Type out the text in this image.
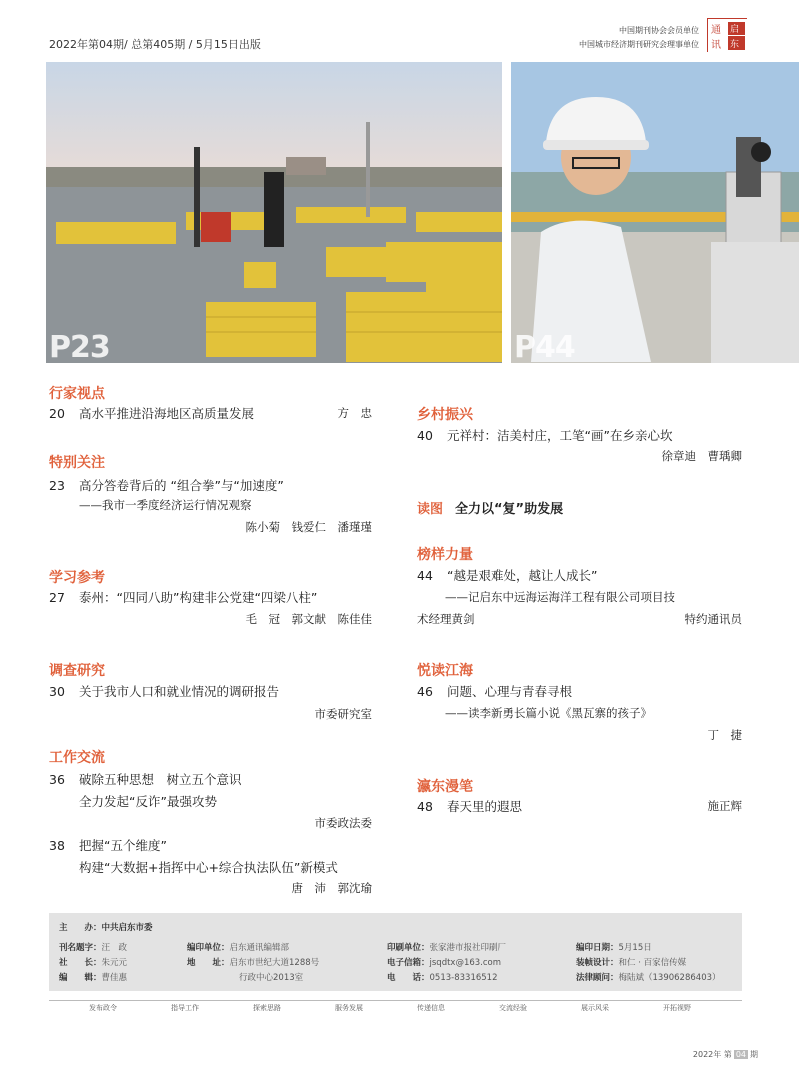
2022年第04期/ 总第405期 / 5月15日出版
中国期刊协会会员单位
中国城市经济期刊研究会理事单位
通 启
东
讯
P23	P44
行家视点
20 高水平推进沿海地区高质量发展	方　忠
特别关注
23 高分答卷背后的 “组合拳”与“加速度”
——我市一季度经济运行情况观察
陈小菊　钱爱仁　潘瑾瑾
学习参考
27 泰州：“四同八助”构建非公党建“四梁八柱”
毛　冠　郭文献　陈佳佳
调查研究
30 关于我市人口和就业情况的调研报告
市委研究室
工作交流
36 破除五种思想　树立五个意识
全力发起“反诈”最强攻势
市委政法委
38 把握“五个维度”
构建“大数据+指挥中心+综合执法队伍”新模式
唐　沛　郭沈瑜
乡村振兴
40 元祥村：洁美村庄，工笔“画”在乡亲心坎
徐章迪　曹瑀卿
读图 全力以“复”助发展
榜样力量
44 “越是艰难处，越让人成长”
——记启东中远海运海洋工程有限公司项目技
术经理黄剑	特约通讯员
悦读江海
46 问题、心理与青春寻根
——读李新勇长篇小说《黑瓦寨的孩子》
丁　捷
瀛东漫笔
48 春天里的遐思	施正辉
主　　办：中共启东市委
刊名题字：汪　政	编印单位：启东通讯编辑部	印刷单位：张家港市报社印刷厂	编印日期：5月15日
社　　长：朱元元	地　　址：启东市世纪大道1288号	电子信箱：jsqdtx@163.com	装帧设计：和仁 · 百家信传媒
编　　辑：曹佳惠	行政中心2013室	电　　话：0513-83316512	法律顾问：梅陆斌（13906286403）
发布政令	指导工作	探索思路	服务发展	传递信息	交流经验	展示风采	开拓视野
2022年 第 04 期
